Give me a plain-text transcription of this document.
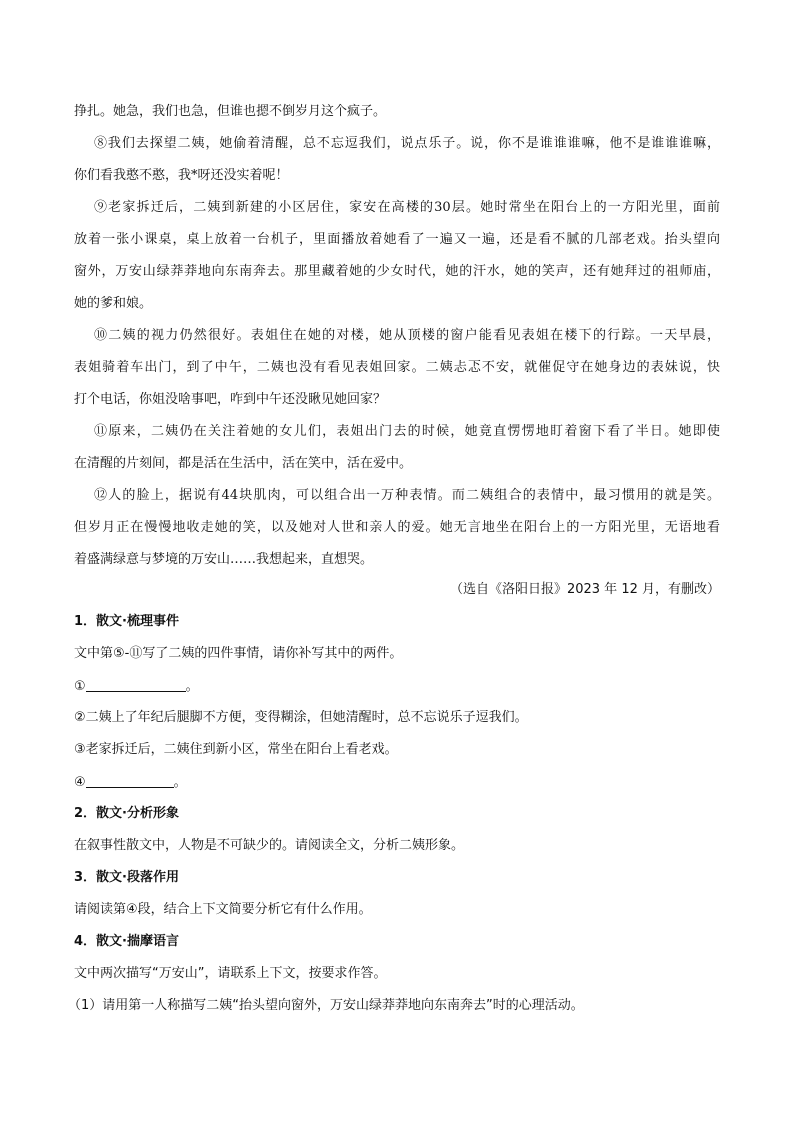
挣扎。她急，我们也急，但谁也摁不倒岁月这个疯子。
⑧我们去探望二姨，她偷着清醒，总不忘逗我们，说点乐子。说，你不是谁谁谁嘛，他不是谁谁谁嘛，
你们看我憨不憨，我*呀还没实着呢！
⑨老家拆迁后，二姨到新建的小区居住，家安在高楼的30层。她时常坐在阳台上的一方阳光里，面前
放着一张小课桌，桌上放着一台机子，里面播放着她看了一遍又一遍，还是看不腻的几部老戏。抬头望向
窗外，万安山绿莽莽地向东南奔去。那里藏着她的少女时代，她的汗水，她的笑声，还有她拜过的祖师庙，
她的爹和娘。
⑩二姨的视力仍然很好。表姐住在她的对楼，她从顶楼的窗户能看见表姐在楼下的行踪。一天早晨，
表姐骑着车出门，到了中午，二姨也没有看见表姐回家。二姨忐忑不安，就催促守在她身边的表妹说，快
打个电话，你姐没啥事吧，咋到中午还没瞅见她回家？
⑪原来，二姨仍在关注着她的女儿们，表姐出门去的时候，她竟直愣愣地盯着窗下看了半日。她即使
在清醒的片刻间，都是活在生活中，活在笑中，活在爱中。
⑫人的脸上，据说有44块肌肉，可以组合出一万种表情。而二姨组合的表情中，最习惯用的就是笑。
但岁月正在慢慢地收走她的笑，以及她对人世和亲人的爱。她无言地坐在阳台上的一方阳光里，无语地看
着盛满绿意与梦境的万安山……我想起来，直想哭。
（选自《洛阳日报》2023 年 12 月，有删改）
1．散文·梳理事件
文中第⑤-⑪写了二姨的四件事情，请你补写其中的两件。
①	。
②二姨上了年纪后腿脚不方便，变得糊涂，但她清醒时，总不忘说乐子逗我们。
③老家拆迁后，二姨住到新小区，常坐在阳台上看老戏。
④	。
2．散文·分析形象
在叙事性散文中，人物是不可缺少的。请阅读全文，分析二姨形象。
3．散文·段落作用
请阅读第④段，结合上下文简要分析它有什么作用。
4．散文·揣摩语言
文中两次描写“万安山”，请联系上下文，按要求作答。
（1）请用第一人称描写二姨“抬头望向窗外，万安山绿莽莽地向东南奔去”时的心理活动。
